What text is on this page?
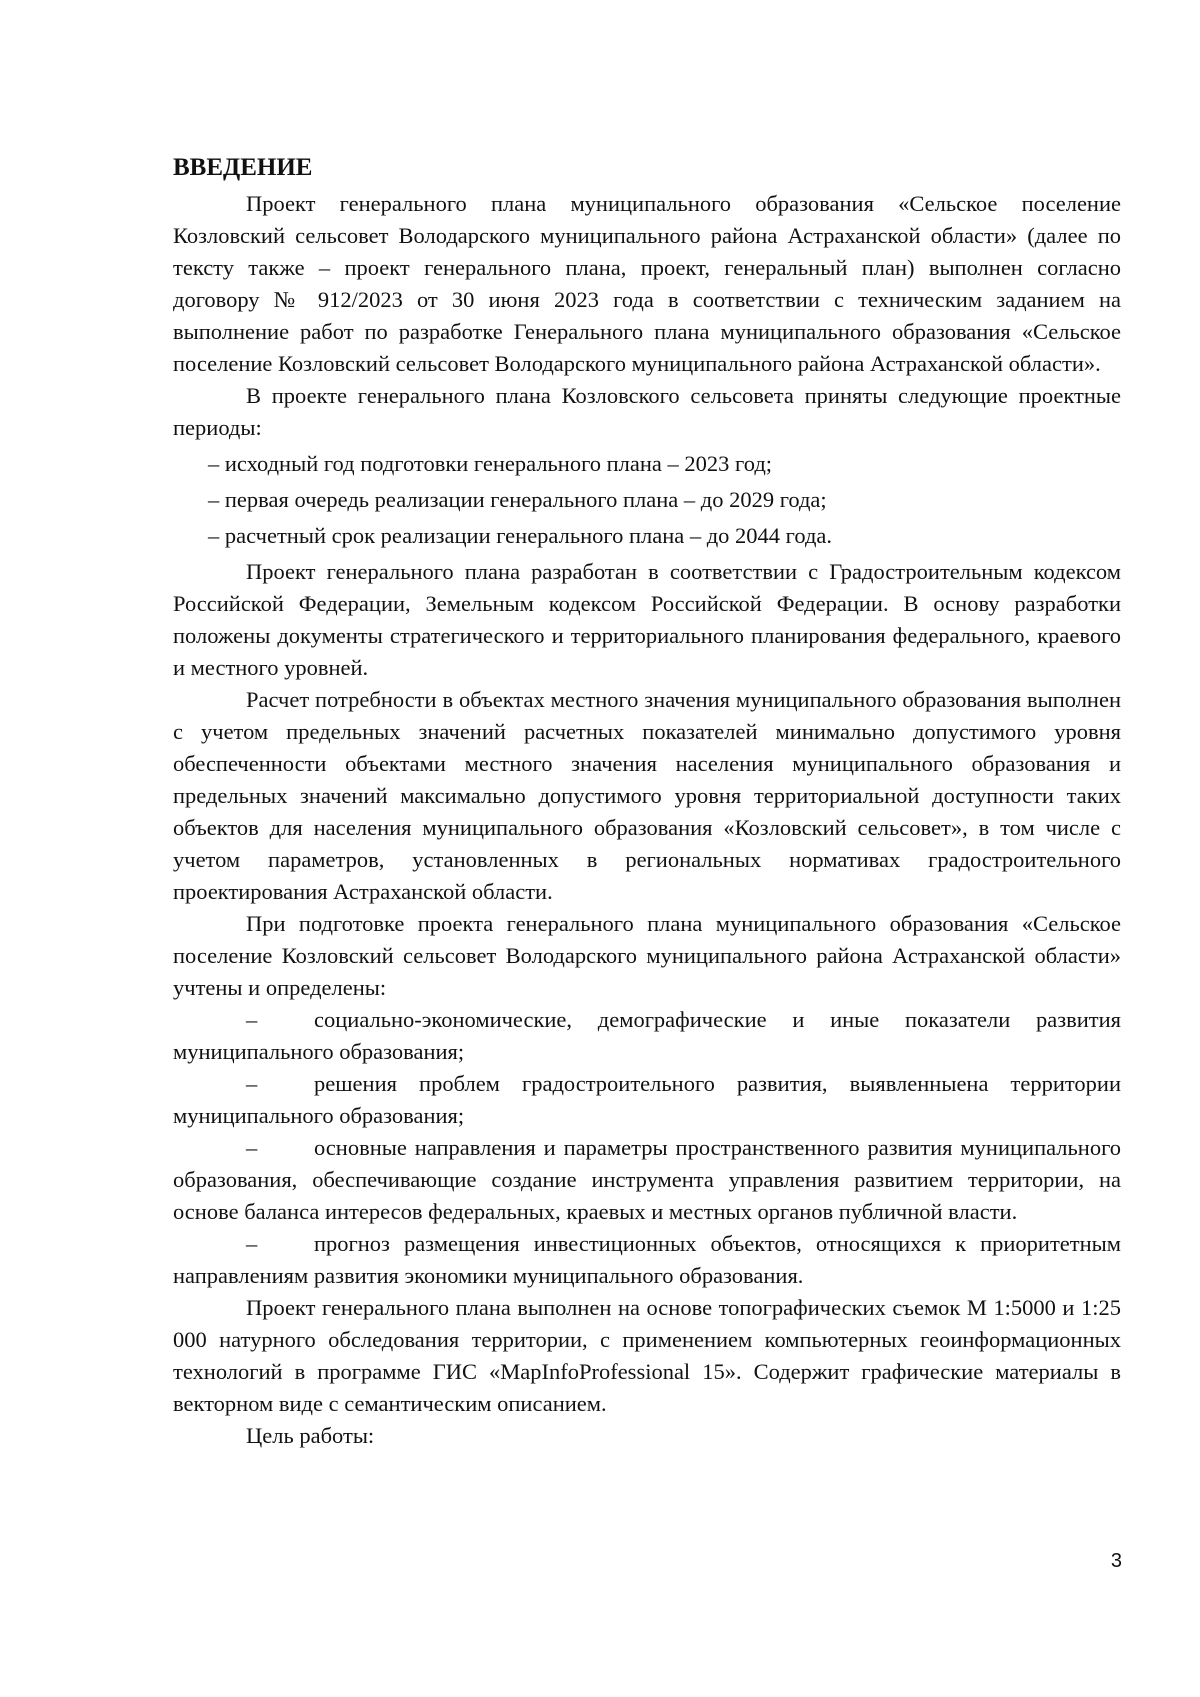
ВВЕДЕНИЕ

Проект генерального плана муниципального образования «Сельское поселение Козловский сельсовет Володарского муниципального района Астраханской области» (далее по тексту также – проект генерального плана, проект, генеральный план) выполнен согласно договору № 912/2023 от 30 июня 2023 года в соответствии с техническим заданием на выполнение работ по разработке Генерального плана муниципального образования «Сельское поселение Козловский сельсовет Володарского муниципального района Астраханской области».

В проекте генерального плана Козловского сельсовета приняты следующие проектные периоды:

– исходный год подготовки генерального плана – 2023 год;

– первая очередь реализации генерального плана – до 2029 года;

– расчетный срок реализации генерального плана – до 2044 года.

Проект генерального плана разработан в соответствии с Градостроительным кодексом Российской Федерации, Земельным кодексом Российской Федерации. В основу разработки положены документы стратегического и территориального планирования федерального, краевого и местного уровней.

Расчет потребности в объектах местного значения муниципального образования выполнен с учетом предельных значений расчетных показателей минимально допустимого уровня обеспеченности объектами местного значения населения муниципального образования и предельных значений максимально допустимого уровня территориальной доступности таких объектов для населения муниципального образования «Козловский сельсовет», в том числе с учетом параметров, установленных в региональных нормативах градостроительного проектирования Астраханской области.

При подготовке проекта генерального плана муниципального образования «Сельское поселение Козловский сельсовет Володарского муниципального района Астраханской области» учтены и определены:

–	социально-экономические, демографические и иные показатели развития муниципального образования;

–	решения проблем градостроительного развития, выявленныена территории муниципального образования;

–	основные направления и параметры пространственного развития муниципального образования, обеспечивающие создание инструмента управления развитием территории, на основе баланса интересов федеральных, краевых и местных органов публичной власти.

–	прогноз размещения инвестиционных объектов, относящихся к приоритетным направлениям развития экономики муниципального образования.

Проект генерального плана выполнен на основе топографических съемок М 1:5000 и 1:25 000 натурного обследования территории, с применением компьютерных геоинформационных технологий в программе ГИС «MapInfoProfessional 15». Содержит графические материалы в векторном виде с семантическим описанием.

Цель работы:

3
